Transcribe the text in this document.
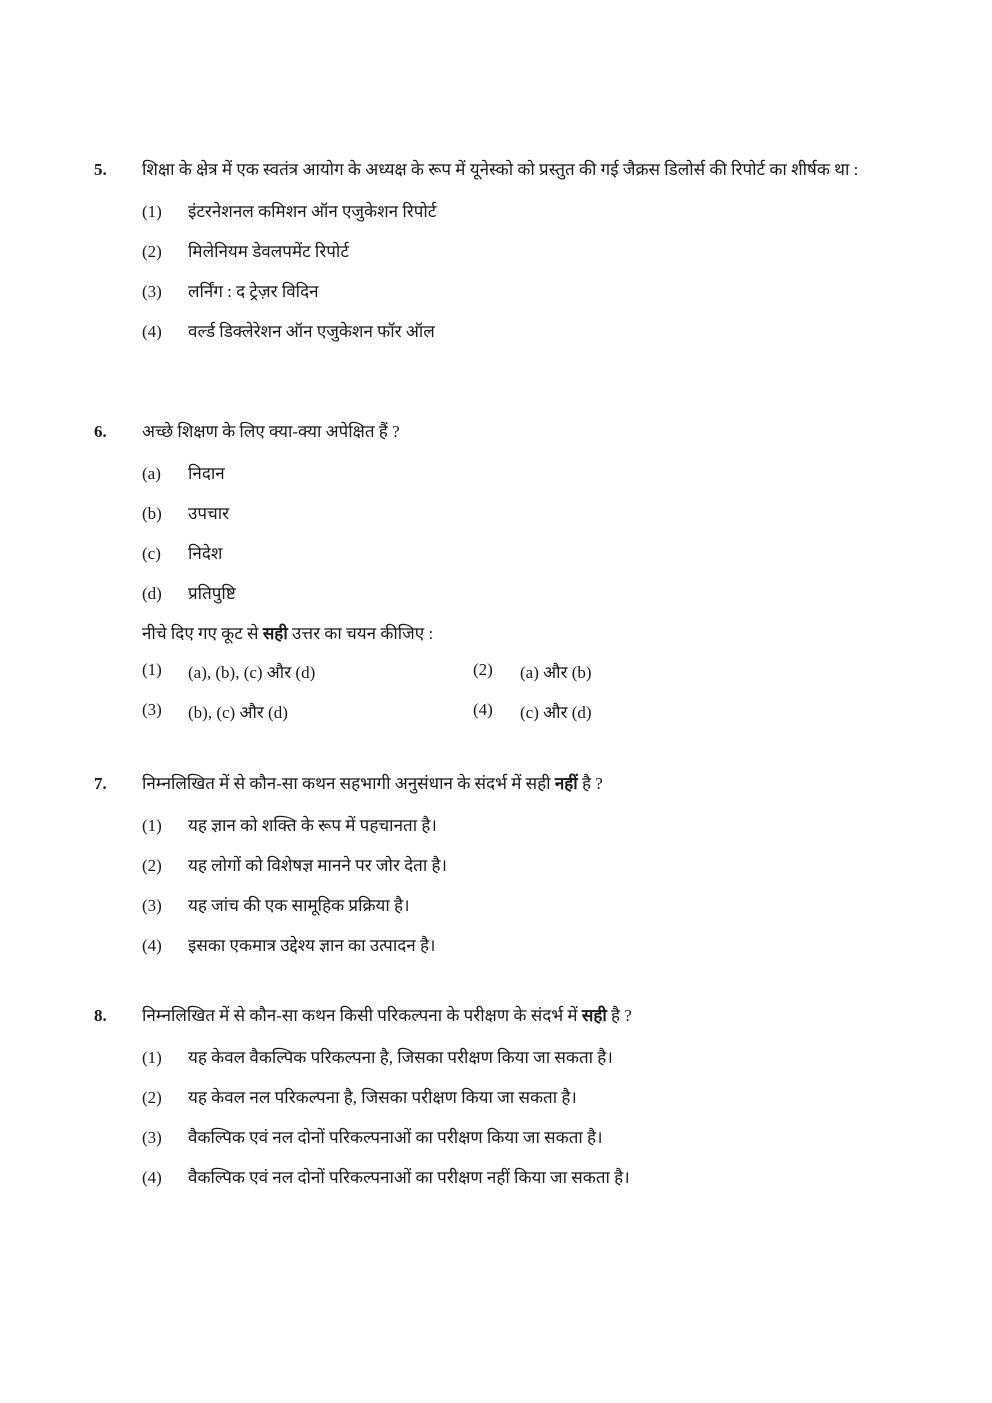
5. शिक्षा के क्षेत्र में एक स्वतंत्र आयोग के अध्यक्ष के रूप में यूनेस्को को प्रस्तुत की गई जैक्रस डिलोर्स की रिपोर्ट का शीर्षक था :
(1) इंटरनेशनल कमिशन ऑन एजुकेशन रिपोर्ट
(2) मिलेनियम डेवलपमेंट रिपोर्ट
(3) लर्निंग : द ट्रेज़र विदिन
(4) वर्ल्ड डिक्लेरेशन ऑन एजुकेशन फॉर ऑल
6. अच्छे शिक्षण के लिए क्या-क्या अपेक्षित हैं ?
(a) निदान
(b) उपचार
(c) निदेश
(d) प्रतिपुष्टि
नीचे दिए गए कूट से सही उत्तर का चयन कीजिए :
(1) (a), (b), (c) और (d)	(2) (a) और (b)
(3) (b), (c) और (d)	(4) (c) और (d)
7. निम्नलिखित में से कौन-सा कथन सहभागी अनुसंधान के संदर्भ में सही नहीं है ?
(1) यह ज्ञान को शक्ति के रूप में पहचानता है।
(2) यह लोगों को विशेषज्ञ मानने पर जोर देता है।
(3) यह जांच की एक सामूहिक प्रक्रिया है।
(4) इसका एकमात्र उद्देश्य ज्ञान का उत्पादन है।
8. निम्नलिखित में से कौन-सा कथन किसी परिकल्पना के परीक्षण के संदर्भ में सही है ?
(1) यह केवल वैकल्पिक परिकल्पना है, जिसका परीक्षण किया जा सकता है।
(2) यह केवल नल परिकल्पना है, जिसका परीक्षण किया जा सकता है।
(3) वैकल्पिक एवं नल दोनों परिकल्पनाओं का परीक्षण किया जा सकता है।
(4) वैकल्पिक एवं नल दोनों परिकल्पनाओं का परीक्षण नहीं किया जा सकता है।
